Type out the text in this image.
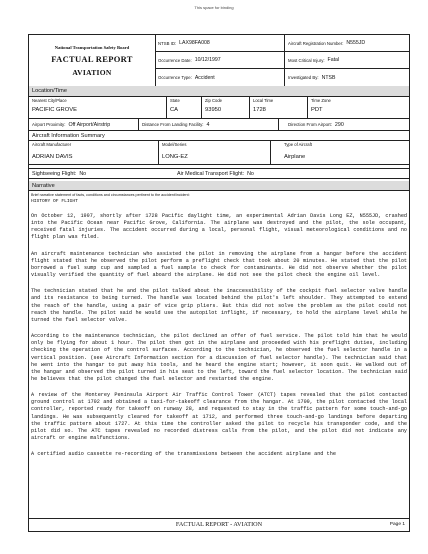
This space for binding
National Transportation Safety Board
FACTUAL REPORT
AVIATION
NTSB ID: LAX98FA008	Aircraft Registration Number: N555JD
Occurrence Date: 10/12/1997	Most Critical Injury: Fatal
Occurrence Type: Accident	Investigated By: NTSB
Location/Time
Nearest City/Place
PACIFIC GROVE
State
CA
Zip Code
93950
Local Time
1728
Time Zone
PDT
Airport Proximity: Off Airport/Airstrip	Distance From Landing Facility: 4	Direction From Airport: 290
Aircraft Information Summary
Aircraft Manufacturer
ADRIAN DAVIS
Model/Series
LONG-EZ
Type of Aircraft
Airplane
Sightseeing Flight: No	Air Medical Transport Flight: No
Narrative
Brief narrative statement of facts, conditions and circumstances pertinent to the accident/incident:
HISTORY OF FLIGHT

On October 12, 1997, shortly after 1728 Pacific daylight time, an experimental Adrian Davis Long EZ, N555JD, crashed into the Pacific Ocean near Pacific Grove, California. The airplane was destroyed and the pilot, the sole occupant, received fatal injuries. The accident occurred during a local, personal flight, visual meteorological conditions and no flight plan was filed.

An aircraft maintenance technician who assisted the pilot in removing the airplane from a hangar before the accident flight stated that he observed the pilot perform a preflight check that took about 20 minutes. He stated that the pilot borrowed a fuel sump cup and sampled a fuel sample to check for contaminants. He did not observe whether the pilot visually verified the quantity of fuel aboard the airplane. He did not see the pilot check the engine oil level.

The technician stated that he and the pilot talked about the inaccessibility of the cockpit fuel selector valve handle and its resistance to being turned. The handle was located behind the pilot's left shoulder. They attempted to extend the reach of the handle, using a pair of vice grip pliers. But this did not solve the problem as the pilot could not reach the handle. The pilot said he would use the autopilot inflight, if necessary, to hold the airplane level while he turned the fuel selector valve.

According to the maintenance technician, the pilot declined an offer of fuel service. The pilot told him that he would only be flying for about 1 hour. The pilot then got in the airplane and proceeded with his preflight duties, including checking the operation of the control surfaces. According to the technician, he observed the fuel selector handle in a vertical position. (see Aircraft Information section for a discussion of fuel selector handle). The technician said that he went into the hangar to put away his tools, and he heard the engine start; however, it soon quit. He walked out of the hangar and observed the pilot turned in his seat to the left, toward the fuel selector location. The technician said he believes that the pilot changed the fuel selector and restarted the engine.

A review of the Monterey Peninsula Airport Air Traffic Control Tower (ATCT) tapes revealed that the pilot contacted ground control at 1702 and obtained a taxi-for-takeoff clearance from the hangar. At 1709, the pilot contacted the local controller, reported ready for takeoff on runway 28, and requested to stay in the traffic pattern for some touch-and-go landings. He was subsequently cleared for takeoff at 1712, and performed three touch-and-go landings before departing the traffic pattern about 1727. At this time the controller asked the pilot to recycle his transponder code, and the pilot did so. The ATC tapes revealed no recorded distress calls from the pilot, and the pilot did not indicate any aircraft or engine malfunctions.

A certified audio cassette re-recording of the transmissions between the accident airplane and the

FACTUAL REPORT - AVIATION	Page 1
